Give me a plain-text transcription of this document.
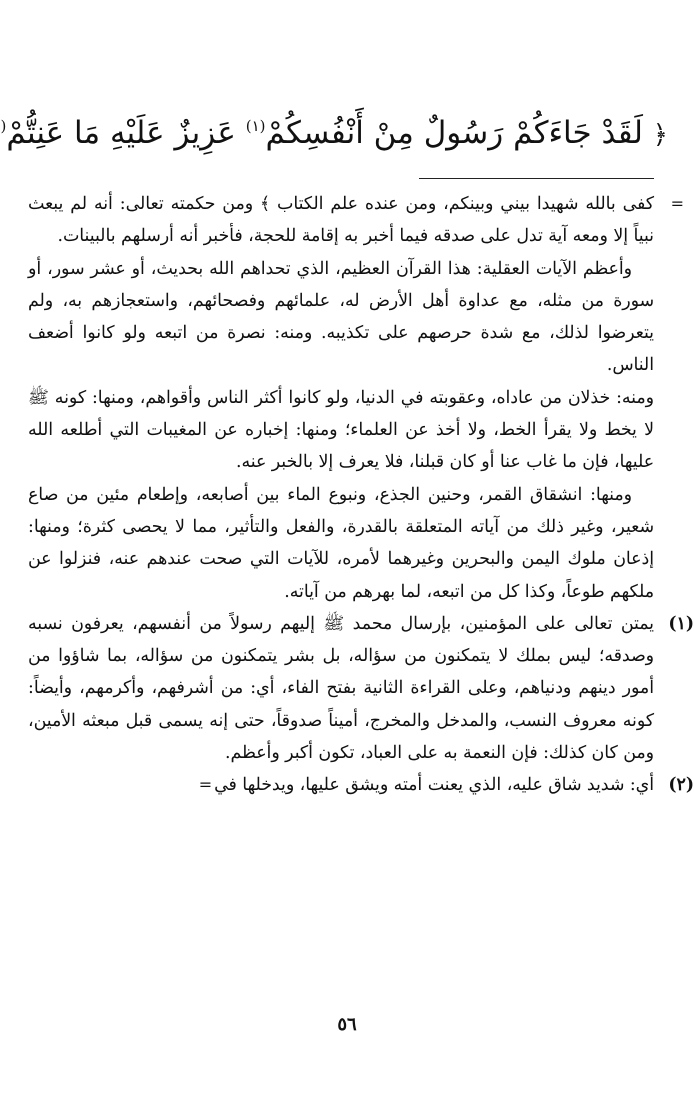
﴿ لَقَدْ جَاءَكُمْ رَسُولٌ مِنْ أَنْفُسِكُمْ$^{(١)}$ عَزِيزٌ عَلَيْهِ مَا عَنِتُّمْ(

=
كفى بالله شهيدا بيني وبينكم، ومن عنده علم الكتاب ﴾ ومن حكمته تعالى: أنه لم يبعث نبياً إلا ومعه آية تدل على صدقه فيما أخبر به إقامة للحجة، فأخبر أنه أرسلهم بالبينات.

وأعظم الآيات العقلية: هذا القرآن العظيم، الذي تحداهم الله بحديث، أو عشر سور، أو سورة من مثله، مع عداوة أهل الأرض له، علمائهم وفصحائهم، واستعجازهم به، ولم يتعرضوا لذلك، مع شدة حرصهم على تكذيبه. ومنه: نصرة من اتبعه ولو كانوا أضعف الناس.

ومنه: خذلان من عاداه، وعقوبته في الدنيا، ولو كانوا أكثر الناس وأقواهم، ومنها: كونه ﷺ لا يخط ولا يقرأ الخط، ولا أخذ عن العلماء؛ ومنها: إخباره عن المغيبات التي أطلعه الله عليها، فإن ما غاب عنا أو كان قبلنا، فلا يعرف إلا بالخبر عنه.

ومنها: انشقاق القمر، وحنين الجذع، ونبوع الماء بين أصابعه، وإطعام مئين من صاع شعير، وغير ذلك من آياته المتعلقة بالقدرة، والفعل والتأثير، مما لا يحصى كثرة؛ ومنها: إذعان ملوك اليمن والبحرين وغيرهما لأمره، للآيات التي صحت عندهم عنه، فنزلوا عن ملكهم طوعاً، وكذا كل من اتبعه، لما بهرهم من آياته.

(١)
يمتن تعالى على المؤمنين، بإرسال محمد ﷺ إليهم رسولاً من أنفسهم، يعرفون نسبه وصدقه؛ ليس بملك لا يتمكنون من سؤاله، بل بشر يتمكنون من سؤاله، بما شاؤوا من أمور دينهم ودنياهم، وعلى القراءة الثانية بفتح الفاء، أي: من أشرفهم، وأكرمهم، وأيضاً: كونه معروف النسب، والمدخل والمخرج، أميناً صدوقاً، حتى إنه يسمى قبل مبعثه الأمين، ومن كان كذلك: فإن النعمة به على العباد، تكون أكبر وأعظم.

(٢)
أي: شديد شاق عليه، الذي يعنت أمته ويشق عليها، ويدخلها في=

٥٦
